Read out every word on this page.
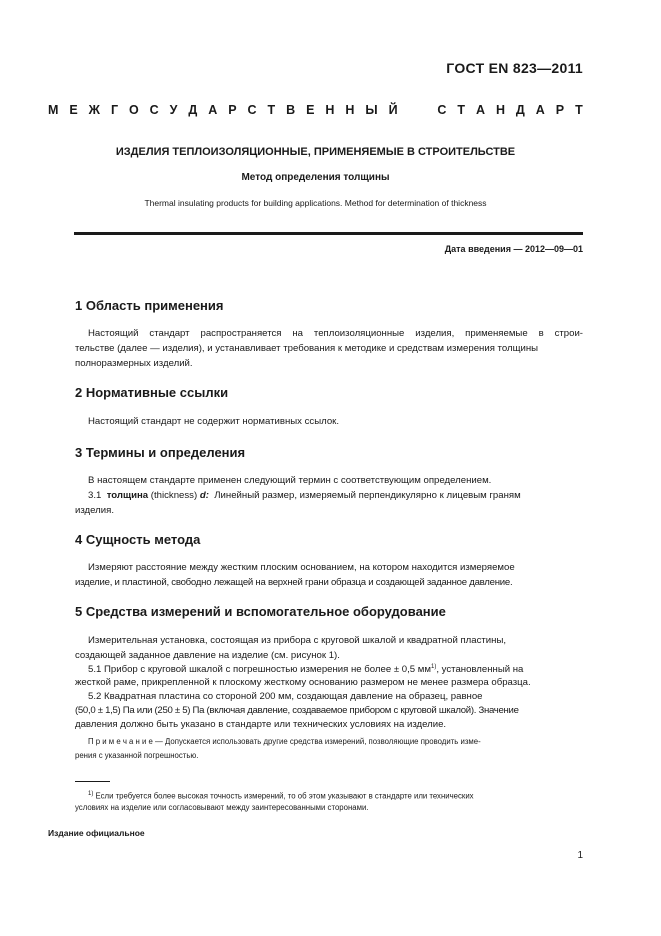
ГОСТ EN 823—2011
М Е Ж Г О С У Д А Р С Т В Е Н Н Ы Й

	С Т А Н Д А Р Т
ИЗДЕЛИЯ ТЕПЛОИЗОЛЯЦИОННЫЕ, ПРИМЕНЯЕМЫЕ В СТРОИТЕЛЬСТВЕ
Метод определения толщины
Thermal insulating products for building applications. Method for determination of thickness
Дата введения — 2012—09—01
1 Область применения
Настоящий стандарт распространяется на теплоизоляционные изделия, применяемые в строи-
тельстве (далее — изделия), и устанавливает требования к методике и средствам измерения толщины
полноразмерных изделий.
2 Нормативные ссылки
Настоящий стандарт не содержит нормативных ссылок.
3 Термины и определения
В настоящем стандарте применен следующий термин с соответствующим определением.
3.1 толщина (thickness) d: Линейный размер, измеряемый перпендикулярно к лицевым граням
изделия.
4 Сущность метода
Измеряют расстояние между жестким плоским основанием, на котором находится измеряемое
изделие, и пластиной, свободно лежащей на верхней грани образца и создающей заданное давление.
5 Средства измерений и вспомогательное оборудование
Измерительная установка, состоящая из прибора с круговой шкалой и квадратной пластины,
создающей заданное давление на изделие (см. рисунок 1).
5.1 Прибор с круговой шкалой с погрешностью измерения не более ± 0,5 $мм^{1)}$, установленный на
жесткой раме, прикрепленной к плоскому жесткому основанию размером не менее размера образца.
5.2 Квадратная пластина со стороной 200 мм, создающая давление на образец, равное
(50,0 ± 1,5) Па или (250 ± 5) Па (включая давление, создаваемое прибором с круговой шкалой). Значение
давления должно быть указано в стандарте или технических условиях на изделие.
П р и м е ч а н и е — Допускается использовать другие средства измерений, позволяющие проводить изме-
рения с указанной погрешностью.
$^{1)}$ Если требуется более высокая точность измерений, то об этом указывают в стандарте или технических
условиях на изделие или согласовывают между заинтересованными сторонами.
Издание официальное
1
